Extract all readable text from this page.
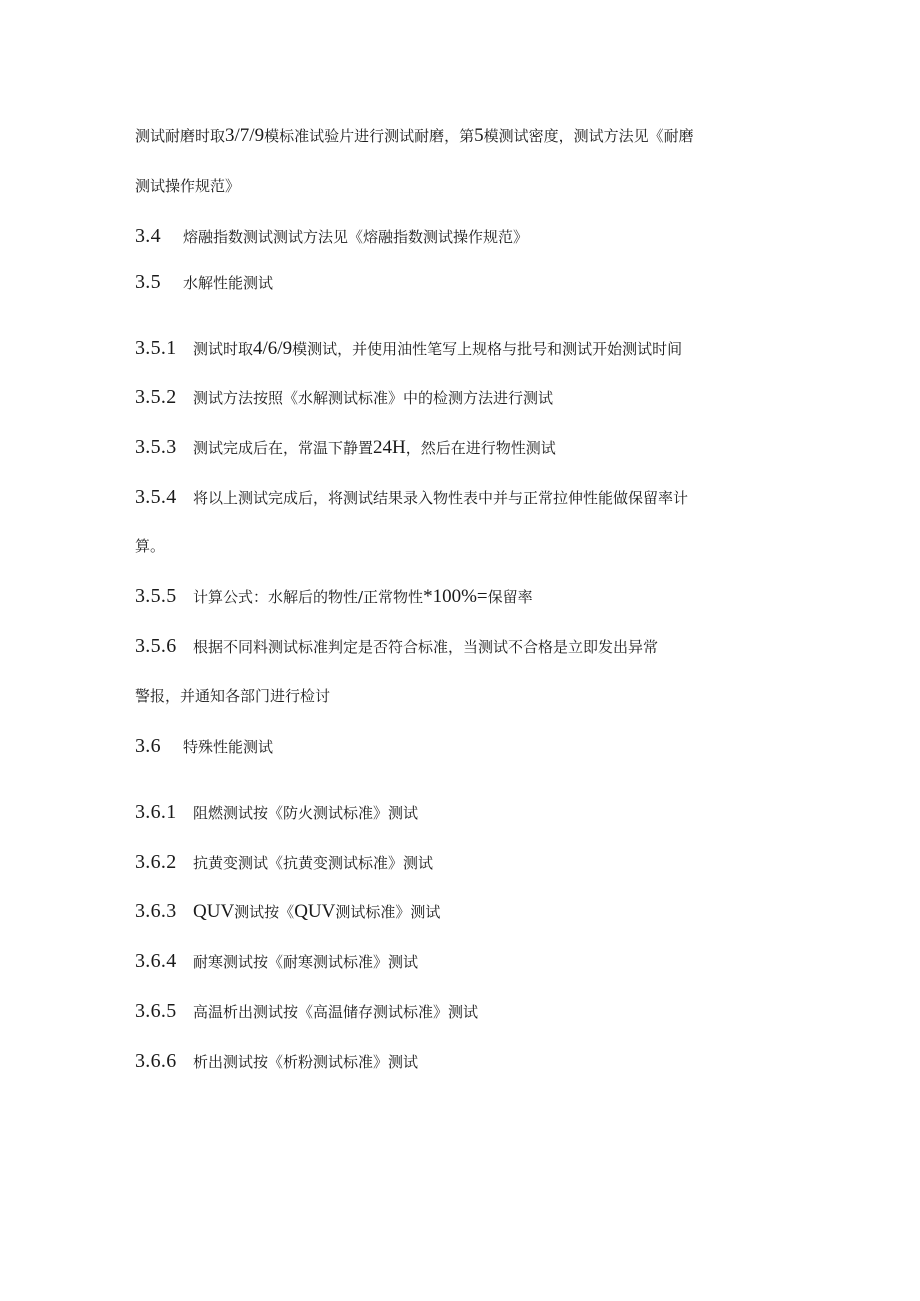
测试耐磨时取3/7/9模标准试验片进行测试耐磨，第5模测试密度，测试方法见《耐磨
测试操作规范》
3.4 熔融指数测试测试方法见《熔融指数测试操作规范》
3.5 水解性能测试
3.5.1 测试时取4/6/9模测试，并使用油性笔写上规格与批号和测试开始测试时间
3.5.2 测试方法按照《水解测试标准》中的检测方法进行测试
3.5.3 测试完成后在，常温下静置24H，然后在进行物性测试
3.5.4 将以上测试完成后，将测试结果录入物性表中并与正常拉伸性能做保留率计
算。
3.5.5 计算公式：水解后的物性/正常物性*100%=保留率
3.5.6 根据不同料测试标准判定是否符合标准，当测试不合格是立即发出异常
警报，并通知各部门进行检讨
3.6 特殊性能测试
3.6.1 阻燃测试按《防火测试标准》测试
3.6.2 抗黄变测试《抗黄变测试标准》测试
3.6.3 QUV测试按《QUV测试标准》测试
3.6.4 耐寒测试按《耐寒测试标准》测试
3.6.5 高温析出测试按《高温储存测试标准》测试
3.6.6 析出测试按《析粉测试标准》测试
